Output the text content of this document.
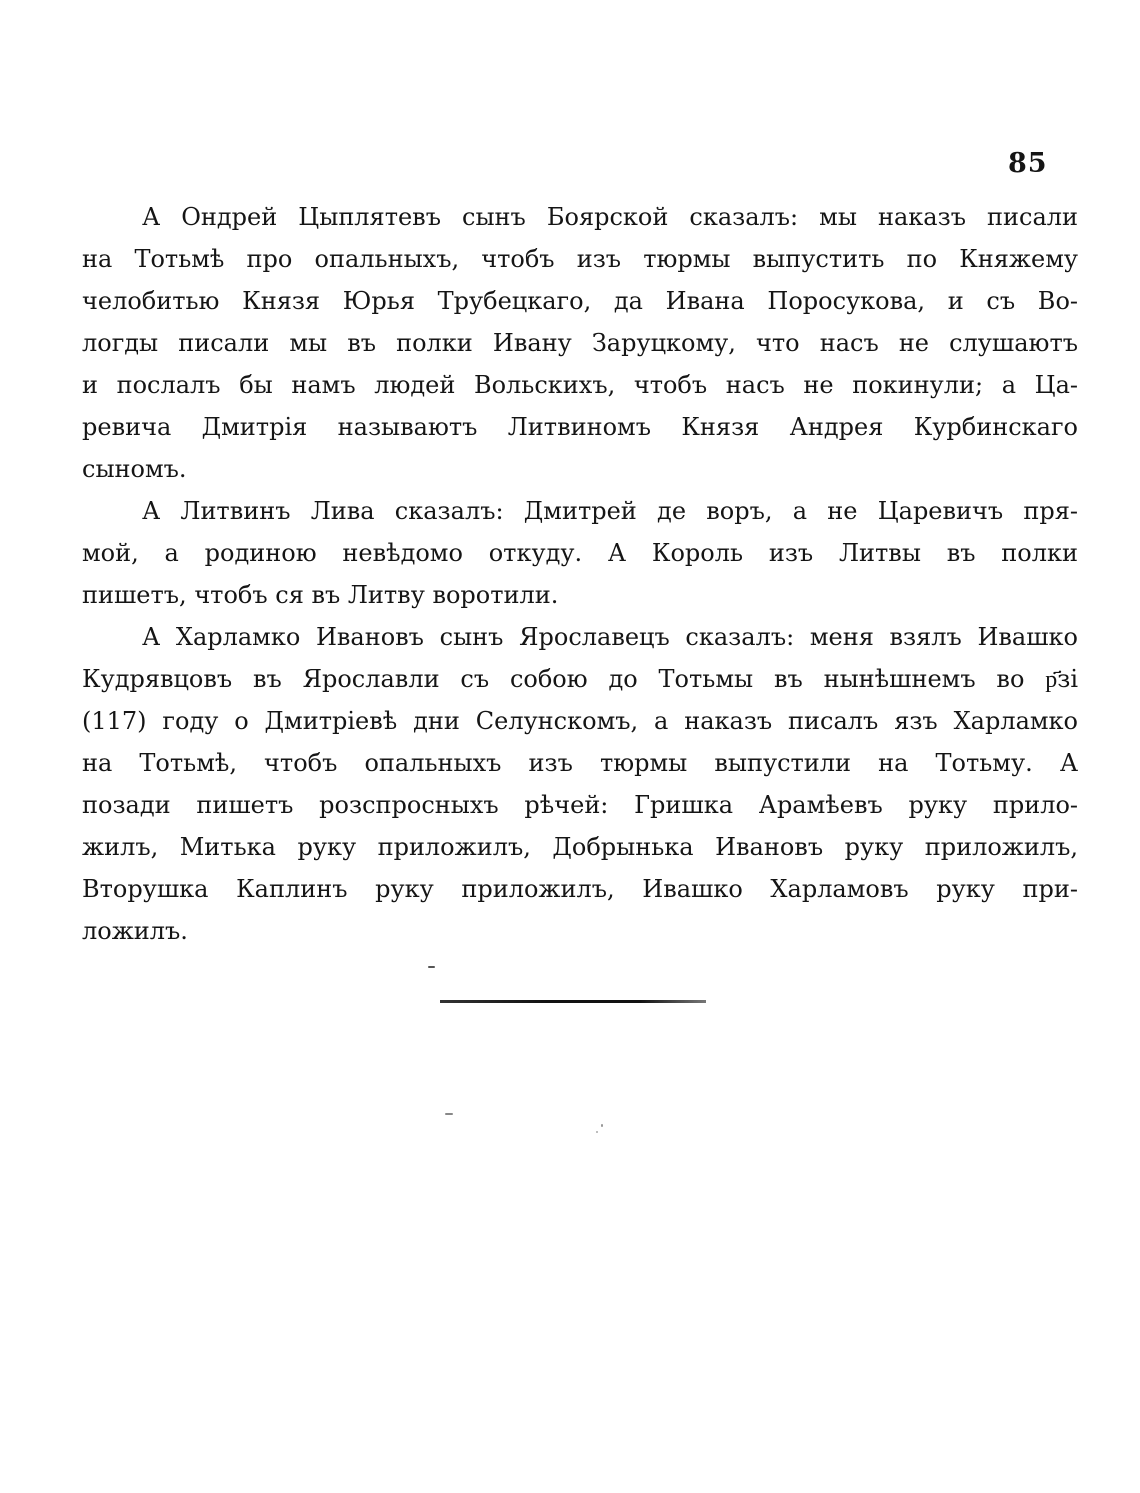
85

А Ондрей Цыплятевъ сынъ Боярской сказалъ: мы наказъ писали
на Тотьмѣ про опальныхъ, чтобъ изъ тюрмы выпустить по Княжему
челобитью Князя Юрья Трубецкаго, да Ивана Поросукова, и съ Во-
логды писали мы въ полки Ивану Заруцкому, что насъ не слушаютъ
и послалъ бы намъ людей Вольскихъ, чтобъ насъ не покинули; а Ца-
ревича Дмитрія называютъ Литвиномъ Князя Андрея Курбинскаго
сыномъ.

А Литвинъ Лива сказалъ: Дмитрей де воръ, а не Царевичъ пря-
мой, а родиною невѣдомо откуду. А Король изъ Литвы въ полки
пишетъ, чтобъ ся въ Литву воротили.

А Харламко Ивановъ сынъ Ярославецъ сказалъ: меня взялъ Ивашко
Кудрявцовъ въ Ярославли съ собою до Тотьмы въ нынѣшнемъ во р҃зі
(117) году о Дмитріевѣ дни Селунскомъ, а наказъ писалъ язъ Харламко
на Тотьмѣ, чтобъ опальныхъ изъ тюрмы выпустили на Тотьму. А
позади пишетъ розспросныхъ рѣчей: Гришка Арамѣевъ руку прило-
жилъ, Митька руку приложилъ, Добрынька Ивановъ руку приложилъ,
Вторушка Каплинъ руку приложилъ, Ивашко Харламовъ руку при-
ложилъ.
